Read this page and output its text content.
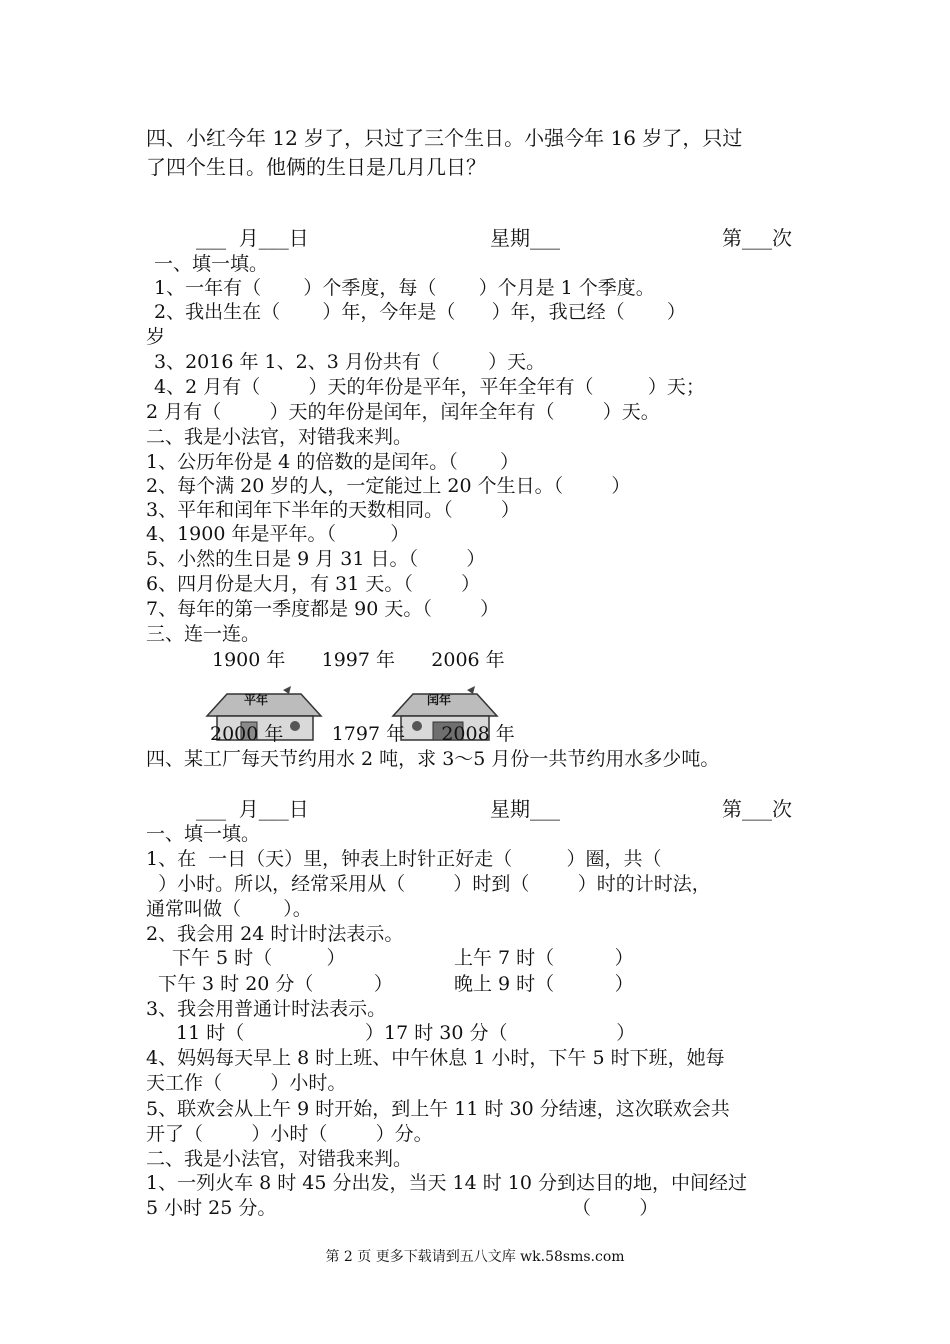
四、小红今年 12 岁了，只过了三个生日。小强今年 16 岁了，只过
了四个生日。他俩的生日是几月几日？
___  月___日	星期___	第___次
一、填一填。
1、一年有（       ）个季度，每（       ）个月是 1 个季度。
2、我出生在（       ）年，今年是（      ）年，我已经（       ）
岁
3、2016 年 1、2、3 月份共有（        ）天。
4、2 月有（        ）天的年份是平年，平年全年有（         ）天；
2 月有（        ）天的年份是闰年，闰年全年有（        ）天。
二、我是小法官，对错我来判。
1、公历年份是 4 的倍数的是闰年。（       ）
2、每个满 20 岁的人，一定能过上 20 个生日。（        ）
3、平年和闰年下半年的天数相同。（        ）
4、1900 年是平年。（         ）
5、小然的生日是 9 月 31 日。（        ）
6、四月份是大月，有 31 天。（        ）
7、每年的第一季度都是 90 天。（        ）
三、连一连。
1900 年      1997 年      2006 年
平年	闰年
2000 年        1797 年      2008 年
四、某工厂每天节约用水 2 吨，求 3～5 月份一共节约用水多少吨。
___  月___日	星期___	第___次
一、填一填。
1、在  一日（天）里，钟表上时针正好走（         ）圈，共（
）小时。所以，经常采用从（        ）时到（        ）时的计时法，
通常叫做（       ）。
2、我会用 24 时计时法表示。
下午 5 时（         ）	上午 7 时（          ）
下午 3 时 20 分（          ）	晚上 9 时（          ）
3、我会用普通计时法表示。
11 时（                    ）17 时 30 分（                  ）
4、妈妈每天早上 8 时上班、中午休息 1 小时，下午 5 时下班，她每
天工作（        ）小时。
5、联欢会从上午 9 时开始，到上午 11 时 30 分结速，这次联欢会共
开了（        ）小时（        ）分。
二、我是小法官，对错我来判。
1、一列火车 8 时 45 分出发，当天 14 时 10 分到达目的地，中间经过
5 小时 25 分。	（        ）
第 2 页 更多下载请到五八文库 wk.58sms.com
